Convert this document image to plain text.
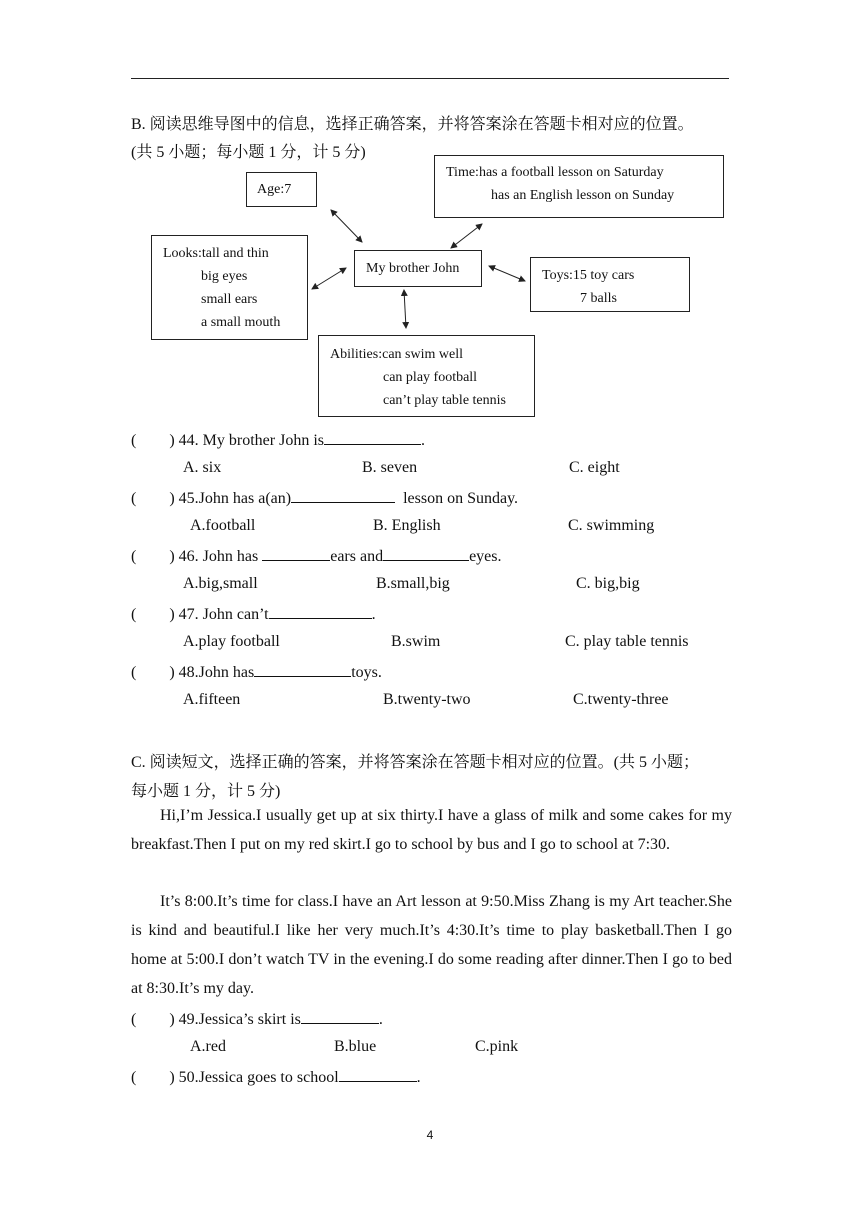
B. 阅读思维导图中的信息，选择正确答案，并将答案涂在答题卡相对应的位置。
(共 5 小题；每小题 1 分，计 5 分)
Age:7
Time:has a football lesson on Saturday
has an English lesson on Sunday
My brother John
Looks:tall and thin
big eyes
small ears
a small mouth
Toys:15 toy cars
7 balls
Abilities:can swim well
can play football
can’t play table tennis
( ) 44. My brother John is	.
A. six	B. seven	C. eight
( ) 45.John has a(an)	lesson on Sunday.
A.football	B. English	C. swimming
( ) 46. John has	ears and	eyes.
A.big,small	B.small,big	C. big,big
( ) 47. John can’t	.
A.play football	B.swim	C. play table tennis
( ) 48.John has	toys.
A.fifteen	B.twenty-two	C.twenty-three
C. 阅读短文，选择正确的答案，并将答案涂在答题卡相对应的位置。(共 5 小题；
每小题 1 分，计 5 分)
Hi,I’m Jessica.I usually get up at six thirty.I have a glass of milk and some cakes for my breakfast.Then I put on my red skirt.I go to school by bus and I go to school at 7:30.
It’s 8:00.It’s time for class.I have an Art lesson at 9:50.Miss Zhang is my Art teacher.She is kind and beautiful.I like her very much.It’s 4:30.It’s time to play basketball.Then I go home at 5:00.I don’t watch TV in the evening.I do some reading after dinner.Then I go to bed at 8:30.It’s my day.
( ) 49.Jessica’s skirt is	.
A.red	B.blue	C.pink
( ) 50.Jessica goes to school	.
4
